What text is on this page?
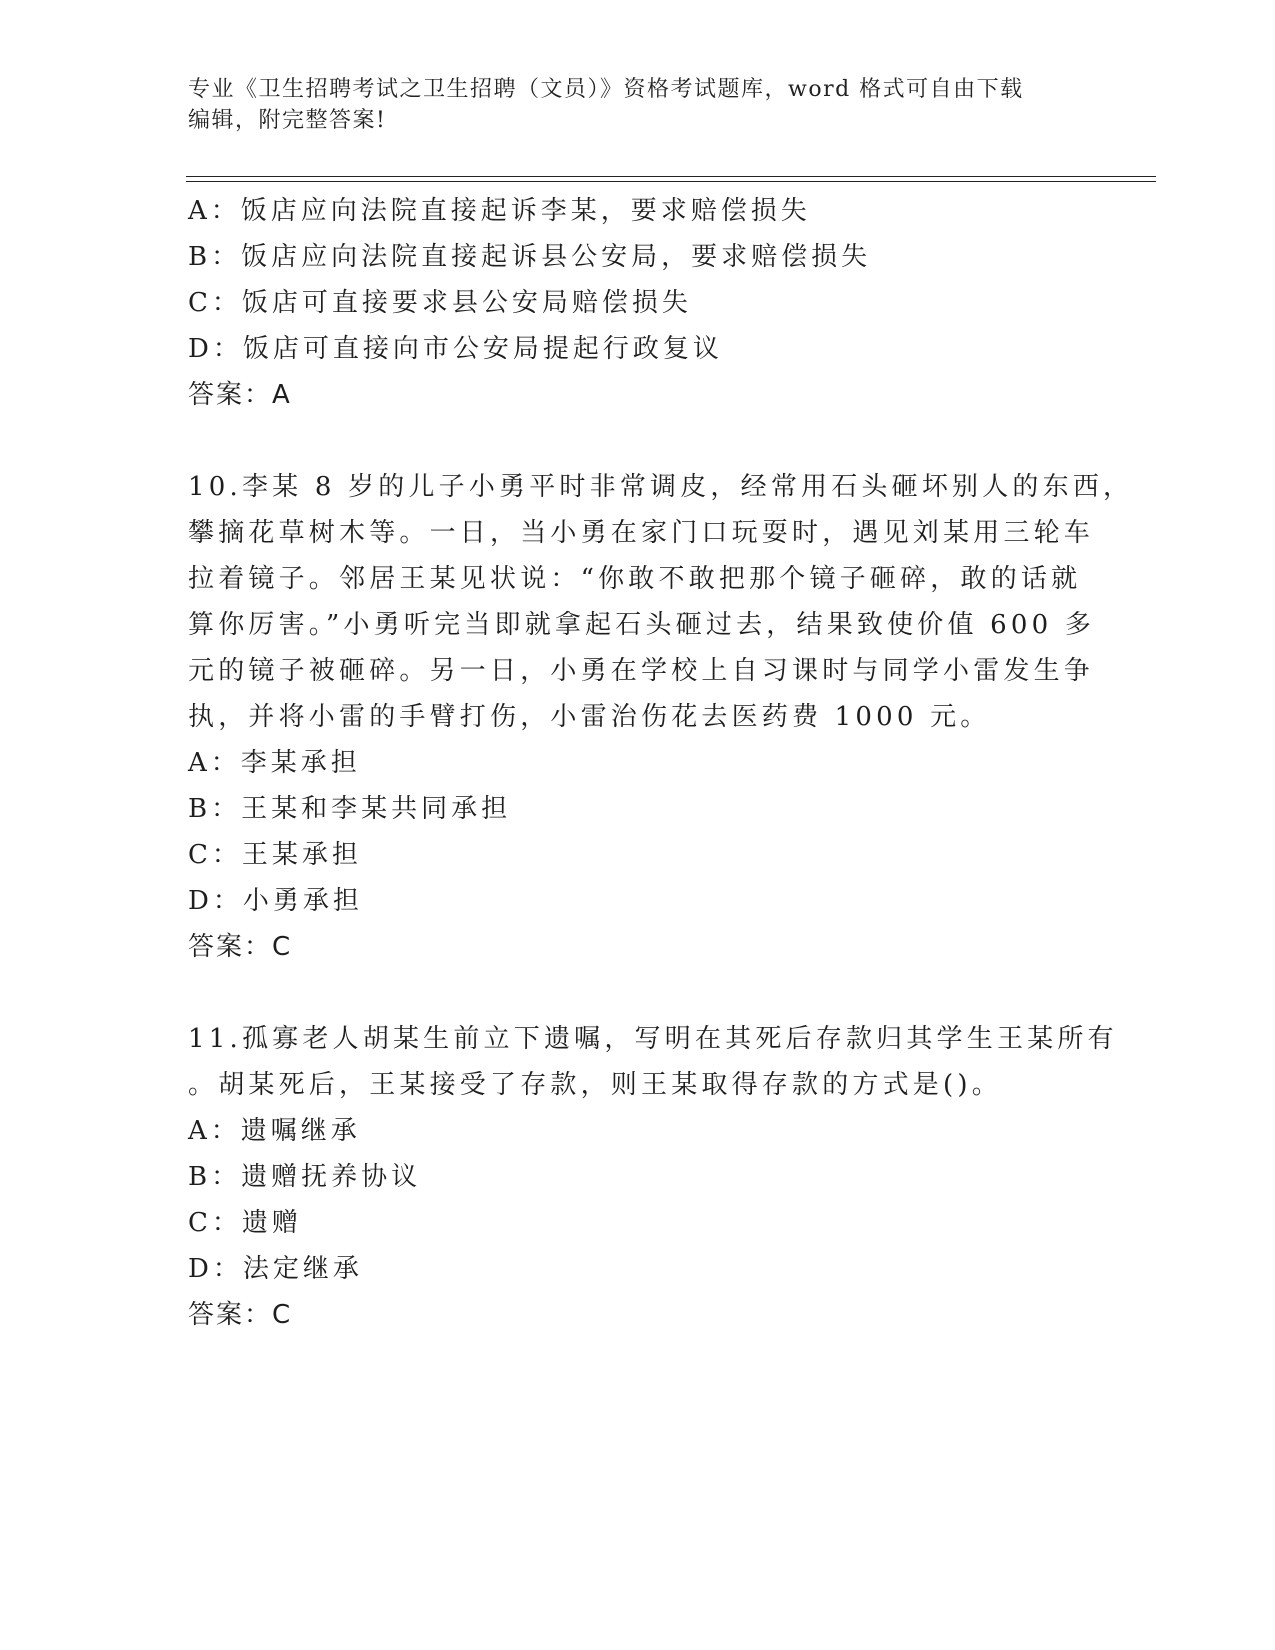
专业《卫生招聘考试之卫生招聘（文员）》资格考试题库，word 格式可自由下载
编辑，附完整答案!
A：饭店应向法院直接起诉李某，要求赔偿损失
B：饭店应向法院直接起诉县公安局，要求赔偿损失
C：饭店可直接要求县公安局赔偿损失
D：饭店可直接向市公安局提起行政复议
答案：A
10.李某 8 岁的儿子小勇平时非常调皮，经常用石头砸坏别人的东西，
攀摘花草树木等。一日，当小勇在家门口玩耍时，遇见刘某用三轮车
拉着镜子。邻居王某见状说：“你敢不敢把那个镜子砸碎，敢的话就
算你厉害。”小勇听完当即就拿起石头砸过去，结果致使价值 600 多
元的镜子被砸碎。另一日，小勇在学校上自习课时与同学小雷发生争
执，并将小雷的手臂打伤，小雷治伤花去医药费 1000 元。
A：李某承担
B：王某和李某共同承担
C：王某承担
D：小勇承担
答案：C
11.孤寡老人胡某生前立下遗嘱，写明在其死后存款归其学生王某所有
。胡某死后，王某接受了存款，则王某取得存款的方式是()。
A：遗嘱继承
B：遗赠抚养协议
C：遗赠
D：法定继承
答案：C
